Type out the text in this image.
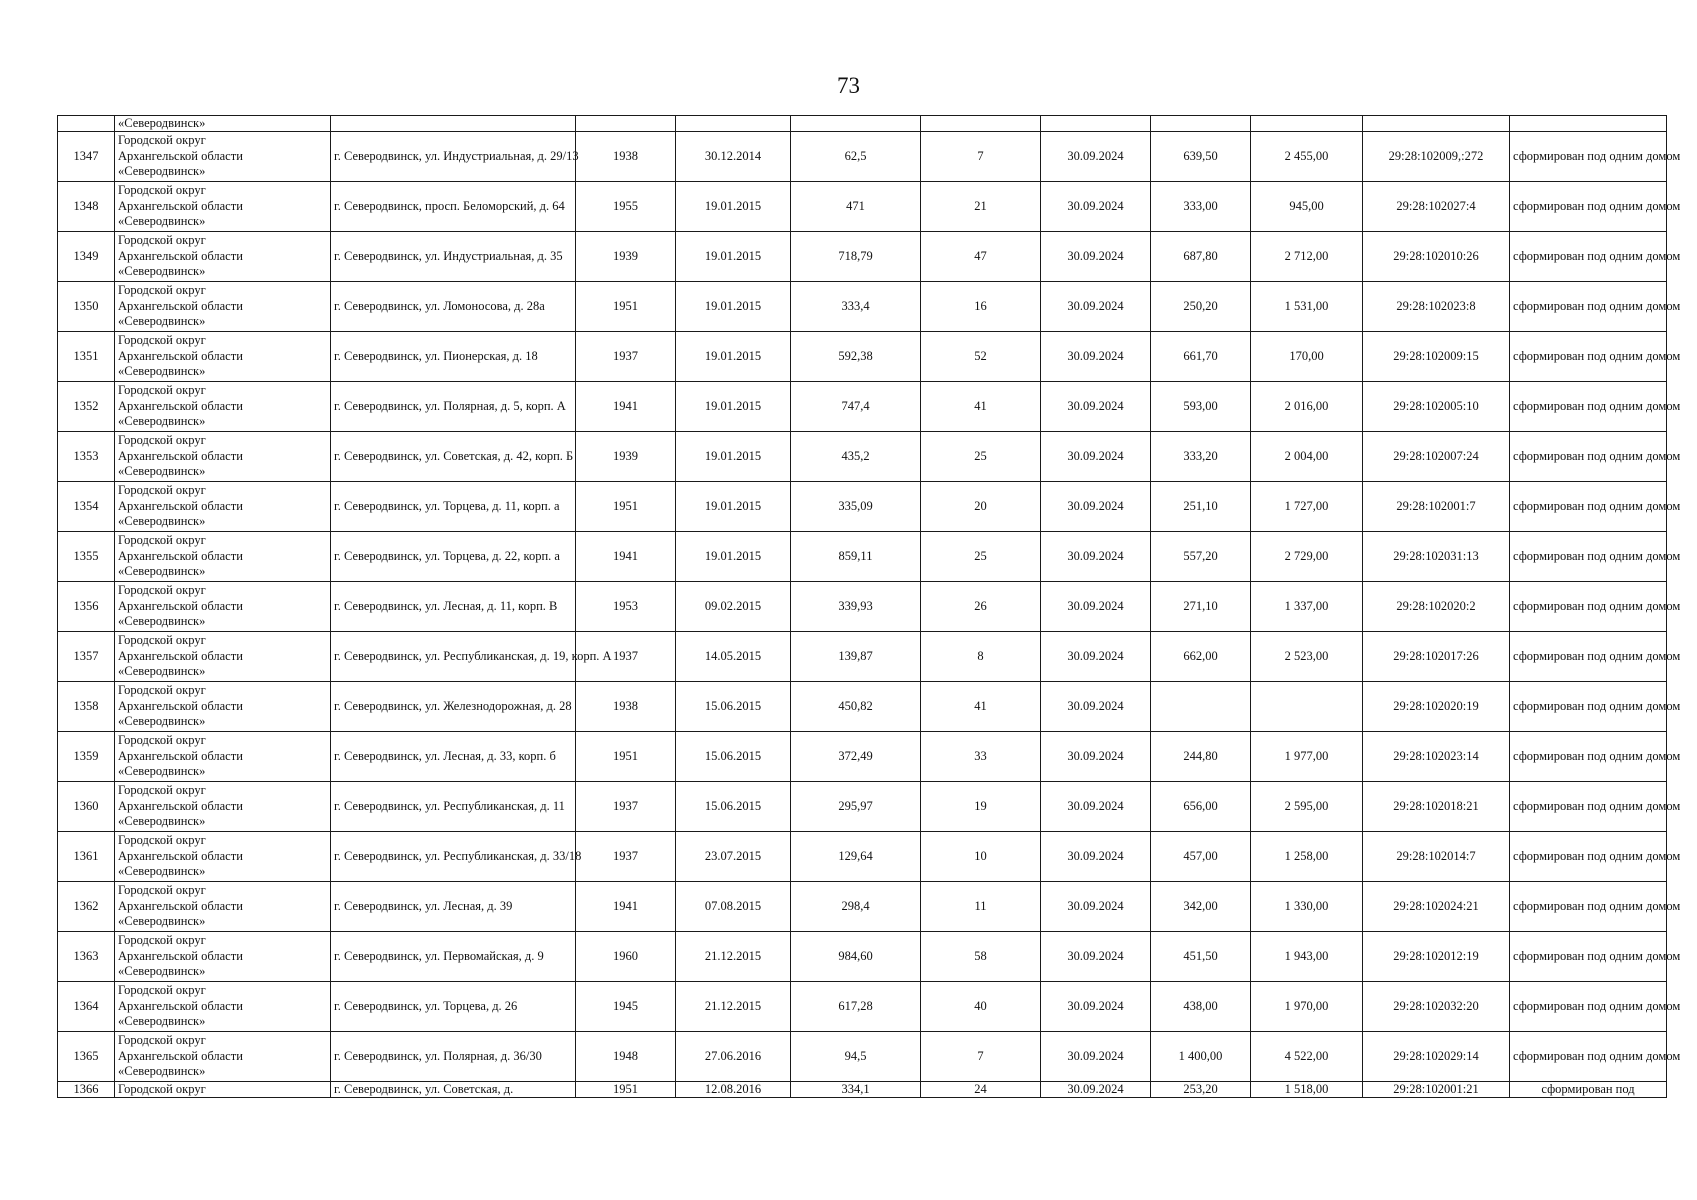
73
	«Северодвинск»										
1347	Городской округ
Архангельской области
«Северодвинск»	г. Северодвинск, ул. Индустриальная, д. 29/13	1938	30.12.2014	62,5	7	30.09.2024	639,50	2 455,00	29:28:102009,:272	сформирован под одним домом
1348	Городской округ
Архангельской области
«Северодвинск»	г. Северодвинск, просп. Беломорский, д. 64	1955	19.01.2015	471	21	30.09.2024	333,00	945,00	29:28:102027:4	сформирован под одним домом
1349	Городской округ
Архангельской области
«Северодвинск»	г. Северодвинск, ул. Индустриальная, д. 35	1939	19.01.2015	718,79	47	30.09.2024	687,80	2 712,00	29:28:102010:26	сформирован под одним домом
1350	Городской округ
Архангельской области
«Северодвинск»	г. Северодвинск, ул. Ломоносова, д. 28а	1951	19.01.2015	333,4	16	30.09.2024	250,20	1 531,00	29:28:102023:8	сформирован под одним домом
1351	Городской округ
Архангельской области
«Северодвинск»	г. Северодвинск, ул. Пионерская, д. 18	1937	19.01.2015	592,38	52	30.09.2024	661,70	170,00	29:28:102009:15	сформирован под одним домом
1352	Городской округ
Архангельской области
«Северодвинск»	г. Северодвинск, ул. Полярная, д. 5, корп. А	1941	19.01.2015	747,4	41	30.09.2024	593,00	2 016,00	29:28:102005:10	сформирован под одним домом
1353	Городской округ
Архангельской области
«Северодвинск»	г. Северодвинск, ул. Советская, д. 42, корп. Б	1939	19.01.2015	435,2	25	30.09.2024	333,20	2 004,00	29:28:102007:24	сформирован под одним домом
1354	Городской округ
Архангельской области
«Северодвинск»	г. Северодвинск, ул. Торцева, д. 11, корп. а	1951	19.01.2015	335,09	20	30.09.2024	251,10	1 727,00	29:28:102001:7	сформирован под одним домом
1355	Городской округ
Архангельской области
«Северодвинск»	г. Северодвинск, ул. Торцева, д. 22, корп. а	1941	19.01.2015	859,11	25	30.09.2024	557,20	2 729,00	29:28:102031:13	сформирован под одним домом
1356	Городской округ
Архангельской области
«Северодвинск»	г. Северодвинск, ул. Лесная, д. 11, корп. В	1953	09.02.2015	339,93	26	30.09.2024	271,10	1 337,00	29:28:102020:2	сформирован под одним домом
1357	Городской округ
Архангельской области
«Северодвинск»	г. Северодвинск, ул. Республиканская, д. 19, корп. А	1937	14.05.2015	139,87	8	30.09.2024	662,00	2 523,00	29:28:102017:26	сформирован под одним домом
1358	Городской округ
Архангельской области
«Северодвинск»	г. Северодвинск, ул. Железнодорожная, д. 28	1938	15.06.2015	450,82	41	30.09.2024			29:28:102020:19	сформирован под одним домом
1359	Городской округ
Архангельской области
«Северодвинск»	г. Северодвинск, ул. Лесная, д. 33, корп. б	1951	15.06.2015	372,49	33	30.09.2024	244,80	1 977,00	29:28:102023:14	сформирован под одним домом
1360	Городской округ
Архангельской области
«Северодвинск»	г. Северодвинск, ул. Республиканская, д. 11	1937	15.06.2015	295,97	19	30.09.2024	656,00	2 595,00	29:28:102018:21	сформирован под одним домом
1361	Городской округ
Архангельской области
«Северодвинск»	г. Северодвинск, ул. Республиканская, д. 33/18	1937	23.07.2015	129,64	10	30.09.2024	457,00	1 258,00	29:28:102014:7	сформирован под одним домом
1362	Городской округ
Архангельской области
«Северодвинск»	г. Северодвинск, ул. Лесная, д. 39	1941	07.08.2015	298,4	11	30.09.2024	342,00	1 330,00	29:28:102024:21	сформирован под одним домом
1363	Городской округ
Архангельской области
«Северодвинск»	г. Северодвинск, ул. Первомайская, д. 9	1960	21.12.2015	984,60	58	30.09.2024	451,50	1 943,00	29:28:102012:19	сформирован под одним домом
1364	Городской округ
Архангельской области
«Северодвинск»	г. Северодвинск, ул. Торцева, д. 26	1945	21.12.2015	617,28	40	30.09.2024	438,00	1 970,00	29:28:102032:20	сформирован под одним домом
1365	Городской округ
Архангельской области
«Северодвинск»	г. Северодвинск, ул. Полярная, д. 36/30	1948	27.06.2016	94,5	7	30.09.2024	1 400,00	4 522,00	29:28:102029:14	сформирован под одним домом
1366	Городской округ	г. Северодвинск, ул. Советская, д.	1951	12.08.2016	334,1	24	30.09.2024	253,20	1 518,00	29:28:102001:21	сформирован под
